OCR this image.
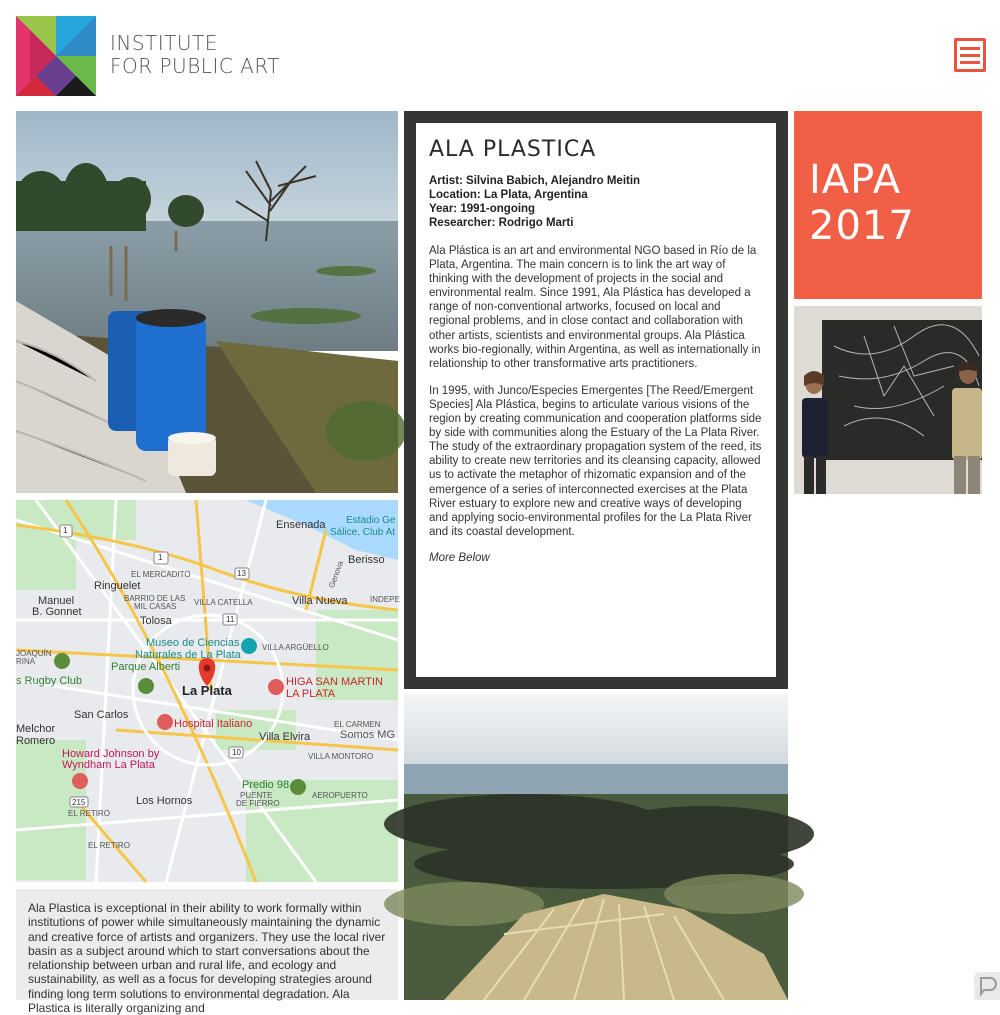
INSTITUTE
FOR PUBLIC ART
Ensenada Estadio Ge
Sálice, Club At
Berisso
EL MERCADITO
Ringuelet
Manuel
B. Gonnet
BARRIO DE LAS
MIL CASAS VILLA CATELLA	Villa Nueva	INDEPE
Genova
Tolosa
Museo de Ciencias
Naturales de La Plata
VILLA ARGÜELLO
JOAQUÍN
RINA	Parque Alberti
s Rugby Club
La Plata
HIGA SAN MARTIN
LA PLATA
San Carlos
Hospital Italiano	EL CARMEN
Somos MG
Melchor
Romero	Villa Elvira
Howard Johnson by
Wyndham La Plata
VILLA MONTORO
Predio 98
PUENTE
DE FIERRO
AEROPUERTO
Los Hornos
EL RETIRO
EL RETIRO
1
1
13
11
10
215

Ala Plastica is exceptional in their ability to work formally within institutions of power while simultaneously maintaining the dynamic and creative force of artists and organizers. They use the local river basin as a subject around which to start conversations about the relationship between urban and rural life, and ecology and sustainability, as well as a focus for developing strategies around finding long term solutions to environmental degradation. Ala Plastica is literally organizing and

ALA PLASTICA
Artist: Silvina Babich, Alejandro Meitin
Location: La Plata, Argentina
Year: 1991-ongoing
Researcher: Rodrigo Marti

Ala Plástica is an art and environmental NGO based in Río de la Plata, Argentina. The main concern is to link the art way of thinking with the development of projects in the social and environmental realm. Since 1991, Ala Plástica has developed a range of non-conventional artworks, focused on local and regional problems, and in close contact and collaboration with other artists, scientists and environmental groups. Ala Plástica works bio-regionally, within Argentina, as well as internationally in relationship to other transformative arts practitioners.

In 1995, with Junco/Especies Emergentes [The Reed/Emergent Species] Ala Plástica, begins to articulate various visions of the region by creating communication and cooperation platforms side by side with communities along the Estuary of the La Plata River. The study of the extraordinary propagation system of the reed, its ability to create new territories and its cleansing capacity, allowed us to activate the metaphor of rhizomatic expansion and of the emergence of a series of interconnected exercises at the Plata River estuary to explore new and creative ways of developing and applying socio-environmental profiles for the La Plata River and its coastal development.

More Below

IAPA
2017
